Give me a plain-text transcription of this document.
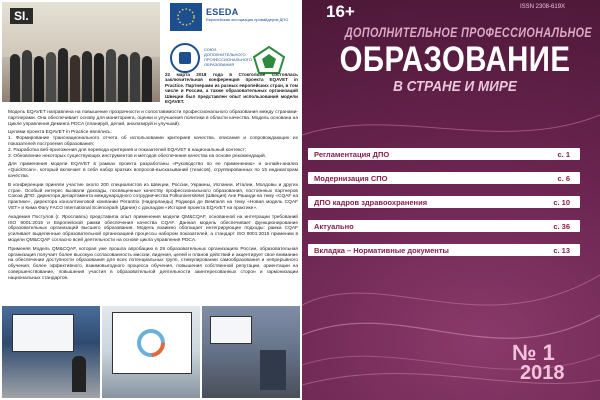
SI.	ESEDA
Европейская ассоциация провайдеров ДПО
СОЮЗ ДОПОЛНИТЕЛЬНОГО ПРОФЕССИОНАЛЬНОГО ОБРАЗОВАНИЯ
22 марта 2018 года в Стокгольме состоялась заключительная конференция проекта EQAVET in Practice. Партнерами из разных европейских стран, в том числе и России, а также образовательных организаций Швеции был представлен опыт использования модели EQAVET.

Модель EQAVET направлена на повышение прозрачности и сопоставимости профессионального образования между странами-партнерами. Она обеспечивает основу для мониторинга, оценки и улучшения политики в области качества. Модель основана на Цикле управления Деминга PDCA (планируй, делай, анализируй и улучшай).

Целями проекта EQAVET in Practice являлись:
1. Формирование транснационального отчета об использовании критериев качества, описания и сопровождающих их показателей построения образования;
2. Разработка веб-приложения для перевода критериев и показателей EQAVET в национальный контекст;
3. Обновление некоторых существующих инструментов и методов обеспечения качества на основе рекомендаций.

Для применения модели EQAVET в рамках проекта разработаны «Руководство по ее применению» и онлайн-анализ «QuickScan», который включает в себя набор кратких вопросов-высказываний (тезисов), сгруппированных по 15 индикаторам качества.

В конференции приняли участие около 200 специалистов из Швеции, России, Украины, Испании, Италии, Молдовы и других стран. Особый интерес вызвали доклады, посвященные качеству профессионального образования, постоянных партнеров Союза ДПО: директора департамента международного сотрудничества Folkuniversitetet (Швеция) Ане Рашиди на тему «СQAF на практике», директора консалтинговой компании Perantrix (Нидерланды) Роджера де Вемпеля на тему «Новая модель CQAF VET» и Кима Фагу FACO International Sciencepark (Дания) с докладом «История проекта EQAVET на практике».

Академия Постулов (г. Ярославль) представила опыт применения модели QM&CQAF, основанной на интеграции требований ISO 9001:2015 и Европейской рамки обеспечения качества CQAF. Данная модель обеспечивает функционирование образовательных организаций высшего образования. Модель взаимно обогащает интегрирующие подходы: рамка CQAF усиливает выделенные образовательной организацией процессы набором показателей, а стандарт ISO 9001:2015 применим в модели QM&CQAF согласно всей деятельности на основе цикла управления PDCA.

Применяя Модель QM&CQAF, которая уже прошла апробацию в 29 образовательных организациях России, образовательная организация получает более высокую согласованность миссии, видения, целей и планов действий и акцентирует свое внимание на обеспечении доступности образования для всех потенциальных групп, стимулировании самообразования и непрерывного обучения, более эффективного, взаимовыгодного процесса обучения, повышения собственной репутации, ориентации на совершенствование, повышения участия в образовательной деятельности заинтересованных сторон и гармонизации национальных стандартов.

16+	ISSN 2308-619X
ДОПОЛНИТЕЛЬНОЕ ПРОФЕССИОНАЛЬНОЕ
ОБРАЗОВАНИЕ
В СТРАНЕ И МИРЕ
Регламентация ДПО	с. 1
Модернизация СПО	с. 6
ДПО кадров здравоохранения	с. 10
Актуально	с. 36
Вкладка – Нормативные документы	с. 13
№ 1
2018
